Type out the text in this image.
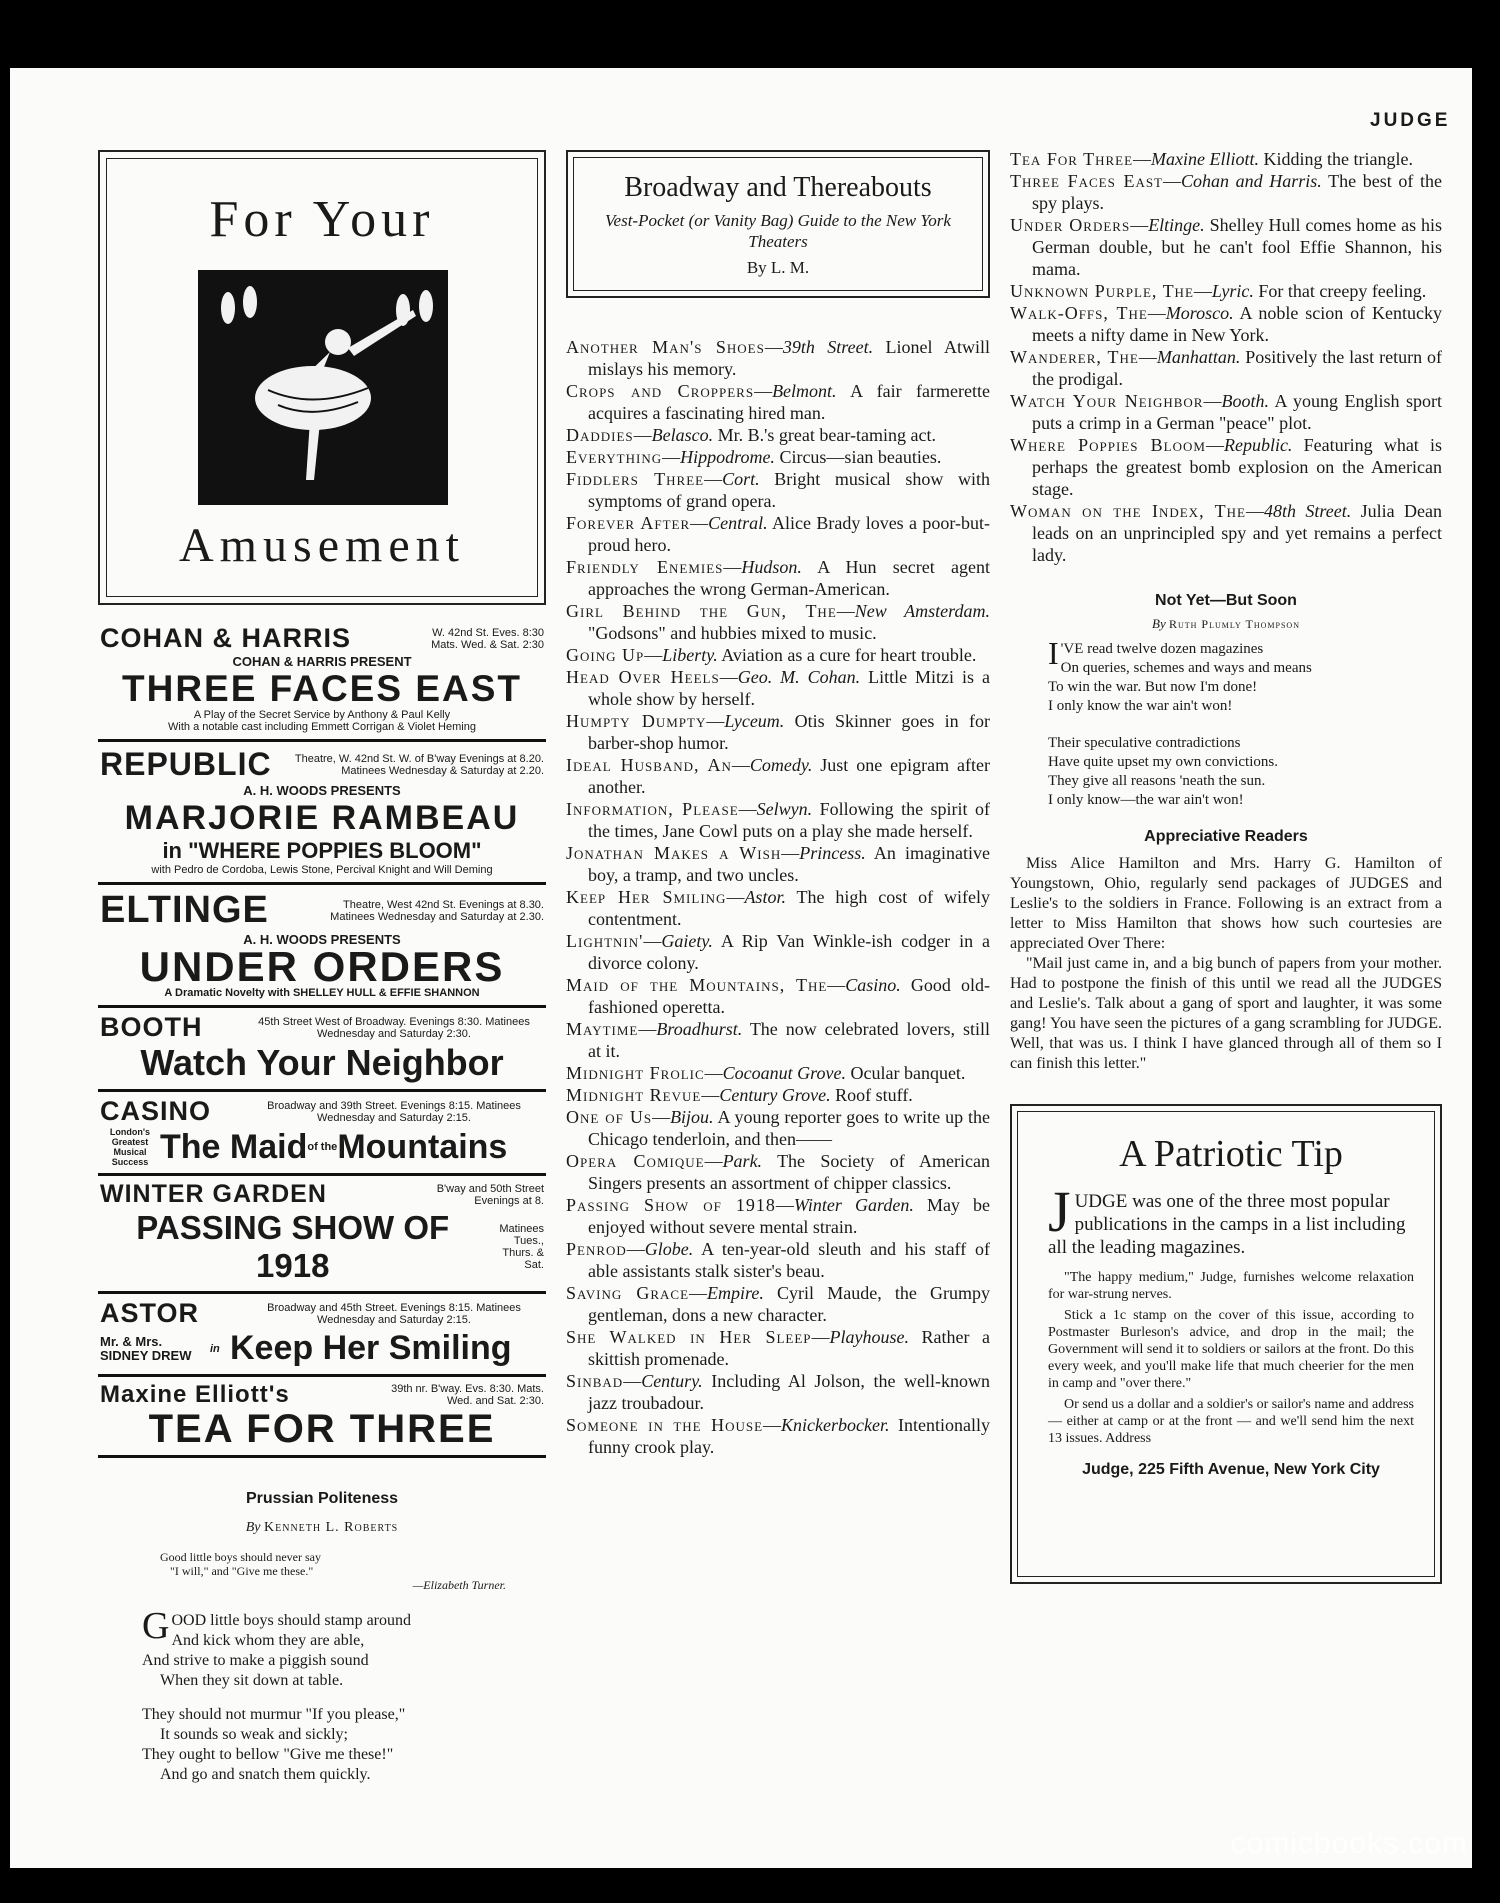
JUDGE
For Your
Amusement
COHAN & HARRIS	W. 42nd St. Eves. 8:30 Mats. Wed. & Sat. 2:30
COHAN & HARRIS PRESENT
THREE FACES EAST
A Play of the Secret Service by Anthony & Paul Kelly
With a notable cast including Emmett Corrigan & Violet Heming
REPUBLIC Theatre, W. 42nd St. W. of B'way Evenings at 8.20. Matinees Wednesday & Saturday at 2.20.
A. H. WOODS PRESENTS
MARJORIE RAMBEAU
in "WHERE POPPIES BLOOM"
with Pedro de Cordoba, Lewis Stone, Percival Knight and Will Deming
ELTINGE	Theatre, West 42nd St. Evenings at 8.30. Matinees Wednesday and Saturday at 2.30.
A. H. WOODS PRESENTS
UNDER ORDERS
A Dramatic Novelty with SHELLEY HULL & EFFIE SHANNON
BOOTH	45th Street West of Broadway. Evenings 8:30. Matinees Wednesday and Saturday 2:30.
Watch Your Neighbor
CASINO	Broadway and 39th Street. Evenings 8:15. Matinees Wednesday and Saturday 2:15.
London's Greatest Musical Success The Maid of the Mountains
WINTER GARDEN	B'way and 50th Street Evenings at 8.
PASSING SHOW OF 1918
Matinees Tues., Thurs. & Sat.
ASTOR	Broadway and 45th Street. Evenings 8:15. Matinees Wednesday and Saturday 2:15.
Mr. & Mrs. SIDNEY DREW	in Keep Her Smiling
Maxine Elliott's	39th nr. B'way. Evs. 8:30. Mats. Wed. and Sat. 2:30.
TEA FOR THREE
Prussian Politeness
By Kenneth L. Roberts
Good little boys should never say
"I will," and "Give me these."
—Elizabeth Turner.
GOOD little boys should stamp around
And kick whom they are able,
And strive to make a piggish sound
When they sit down at table.
They should not murmur "If you please,"
It sounds so weak and sickly;
They ought to bellow "Give me these!"
And go and snatch them quickly.
Broadway and Thereabouts
Vest-Pocket (or Vanity Bag) Guide to the New York Theaters
By L. M.
Another Man's Shoes—39th Street. Lionel Atwill mislays his memory.
Crops and Croppers—Belmont. A fair farmerette acquires a fascinating hired man.
Daddies—Belasco. Mr. B.'s great bear-taming act.
Everything—Hippodrome. Circus—sian beauties.
Fiddlers Three—Cort. Bright musical show with symptoms of grand opera.
Forever After—Central. Alice Brady loves a poor-but-proud hero.
Friendly Enemies—Hudson. A Hun secret agent approaches the wrong German-American.
Girl Behind the Gun, The—New Amsterdam. "Godsons" and hubbies mixed to music.
Going Up—Liberty. Aviation as a cure for heart trouble.
Head Over Heels—Geo. M. Cohan. Little Mitzi is a whole show by herself.
Humpty Dumpty—Lyceum. Otis Skinner goes in for barber-shop humor.
Ideal Husband, An—Comedy. Just one epigram after another.
Information, Please—Selwyn. Following the spirit of the times, Jane Cowl puts on a play she made herself.
Jonathan Makes a Wish—Princess. An imaginative boy, a tramp, and two uncles.
Keep Her Smiling—Astor. The high cost of wifely contentment.
Lightnin'—Gaiety. A Rip Van Winkle-ish codger in a divorce colony.
Maid of the Mountains, The—Casino. Good old-fashioned operetta.
Maytime—Broadhurst. The now celebrated lovers, still at it.
Midnight Frolic—Cocoanut Grove. Ocular banquet.
Midnight Revue—Century Grove. Roof stuff.
One of Us—Bijou. A young reporter goes to write up the Chicago tenderloin, and then——
Opera Comique—Park. The Society of American Singers presents an assortment of chipper classics.
Passing Show of 1918—Winter Garden. May be enjoyed without severe mental strain.
Penrod—Globe. A ten-year-old sleuth and his staff of able assistants stalk sister's beau.
Saving Grace—Empire. Cyril Maude, the Grumpy gentleman, dons a new character.
She Walked in Her Sleep—Playhouse. Rather a skittish promenade.
Sinbad—Century. Including Al Jolson, the well-known jazz troubadour.
Someone in the House—Knickerbocker. Intentionally funny crook play.
Tea For Three—Maxine Elliott. Kidding the triangle.
Three Faces East—Cohan and Harris. The best of the spy plays.
Under Orders—Eltinge. Shelley Hull comes home as his German double, but he can't fool Effie Shannon, his mama.
Unknown Purple, The—Lyric. For that creepy feeling.
Walk-Offs, The—Morosco. A noble scion of Kentucky meets a nifty dame in New York.
Wanderer, The—Manhattan. Positively the last return of the prodigal.
Watch Your Neighbor—Booth. A young English sport puts a crimp in a German "peace" plot.
Where Poppies Bloom—Republic. Featuring what is perhaps the greatest bomb explosion on the American stage.
Woman on the Index, The—48th Street. Julia Dean leads on an unprincipled spy and yet remains a perfect lady.
Not Yet—But Soon
By Ruth Plumly Thompson
I 'VE read twelve dozen magazines
On queries, schemes and ways and means
To win the war. But now I'm done!
I only know the war ain't won!
Their speculative contradictions
Have quite upset my own convictions.
They give all reasons 'neath the sun.
I only know—the war ain't won!
Appreciative Readers
Miss Alice Hamilton and Mrs. Harry G. Hamilton of Youngstown, Ohio, regularly send packages of JUDGES and Leslie's to the soldiers in France. Following is an extract from a letter to Miss Hamilton that shows how such courtesies are appreciated Over There:
"Mail just came in, and a big bunch of papers from your mother. Had to postpone the finish of this until we read all the JUDGES and Leslie's. Talk about a gang of sport and laughter, it was some gang! You have seen the pictures of a gang scrambling for JUDGE. Well, that was us. I think I have glanced through all of them so I can finish this letter."
A Patriotic Tip
JUDGE was one of the three most popular publications in the camps in a list including all the leading magazines.
"The happy medium," Judge, furnishes welcome relaxation for war-strung nerves.
Stick a 1c stamp on the cover of this issue, according to Postmaster Burleson's advice, and drop in the mail; the Government will send it to soldiers or sailors at the front. Do this every week, and you'll make life that much cheerier for the men in camp and "over there."
Or send us a dollar and a soldier's or sailor's name and address — either at camp or at the front — and we'll send him the next 13 issues. Address
Judge, 225 Fifth Avenue, New York City
comicbooks.com
